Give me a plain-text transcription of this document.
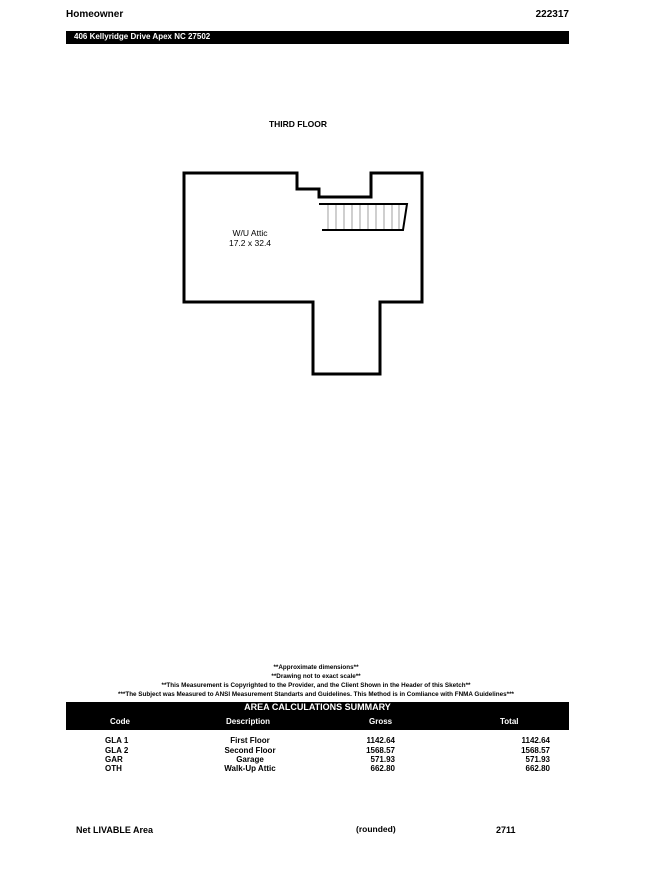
Homeowner	222317
406 Kellyridge Drive Apex NC 27502
THIRD FLOOR
W/U Attic
17.2 x 32.4
**Approximate dimensions**
**Drawing not to exact scale**
**This Measurement is Copyrighted to the Provider, and the Client Shown in the Header of this Sketch**
***The Subject was Measured to ANSI Measurement Standarts and Guidelines. This Method is in Comliance with FNMA Guidelines***
AREA CALCULATIONS SUMMARY
Code	Description	Gross	Total
GLA 1	First Floor	1142.64	1142.64
GLA 2	Second Floor	1568.57	1568.57
GAR	Garage	571.93	571.93
OTH	Walk-Up Attic	662.80	662.80
Net LIVABLE Area	(rounded)	2711
